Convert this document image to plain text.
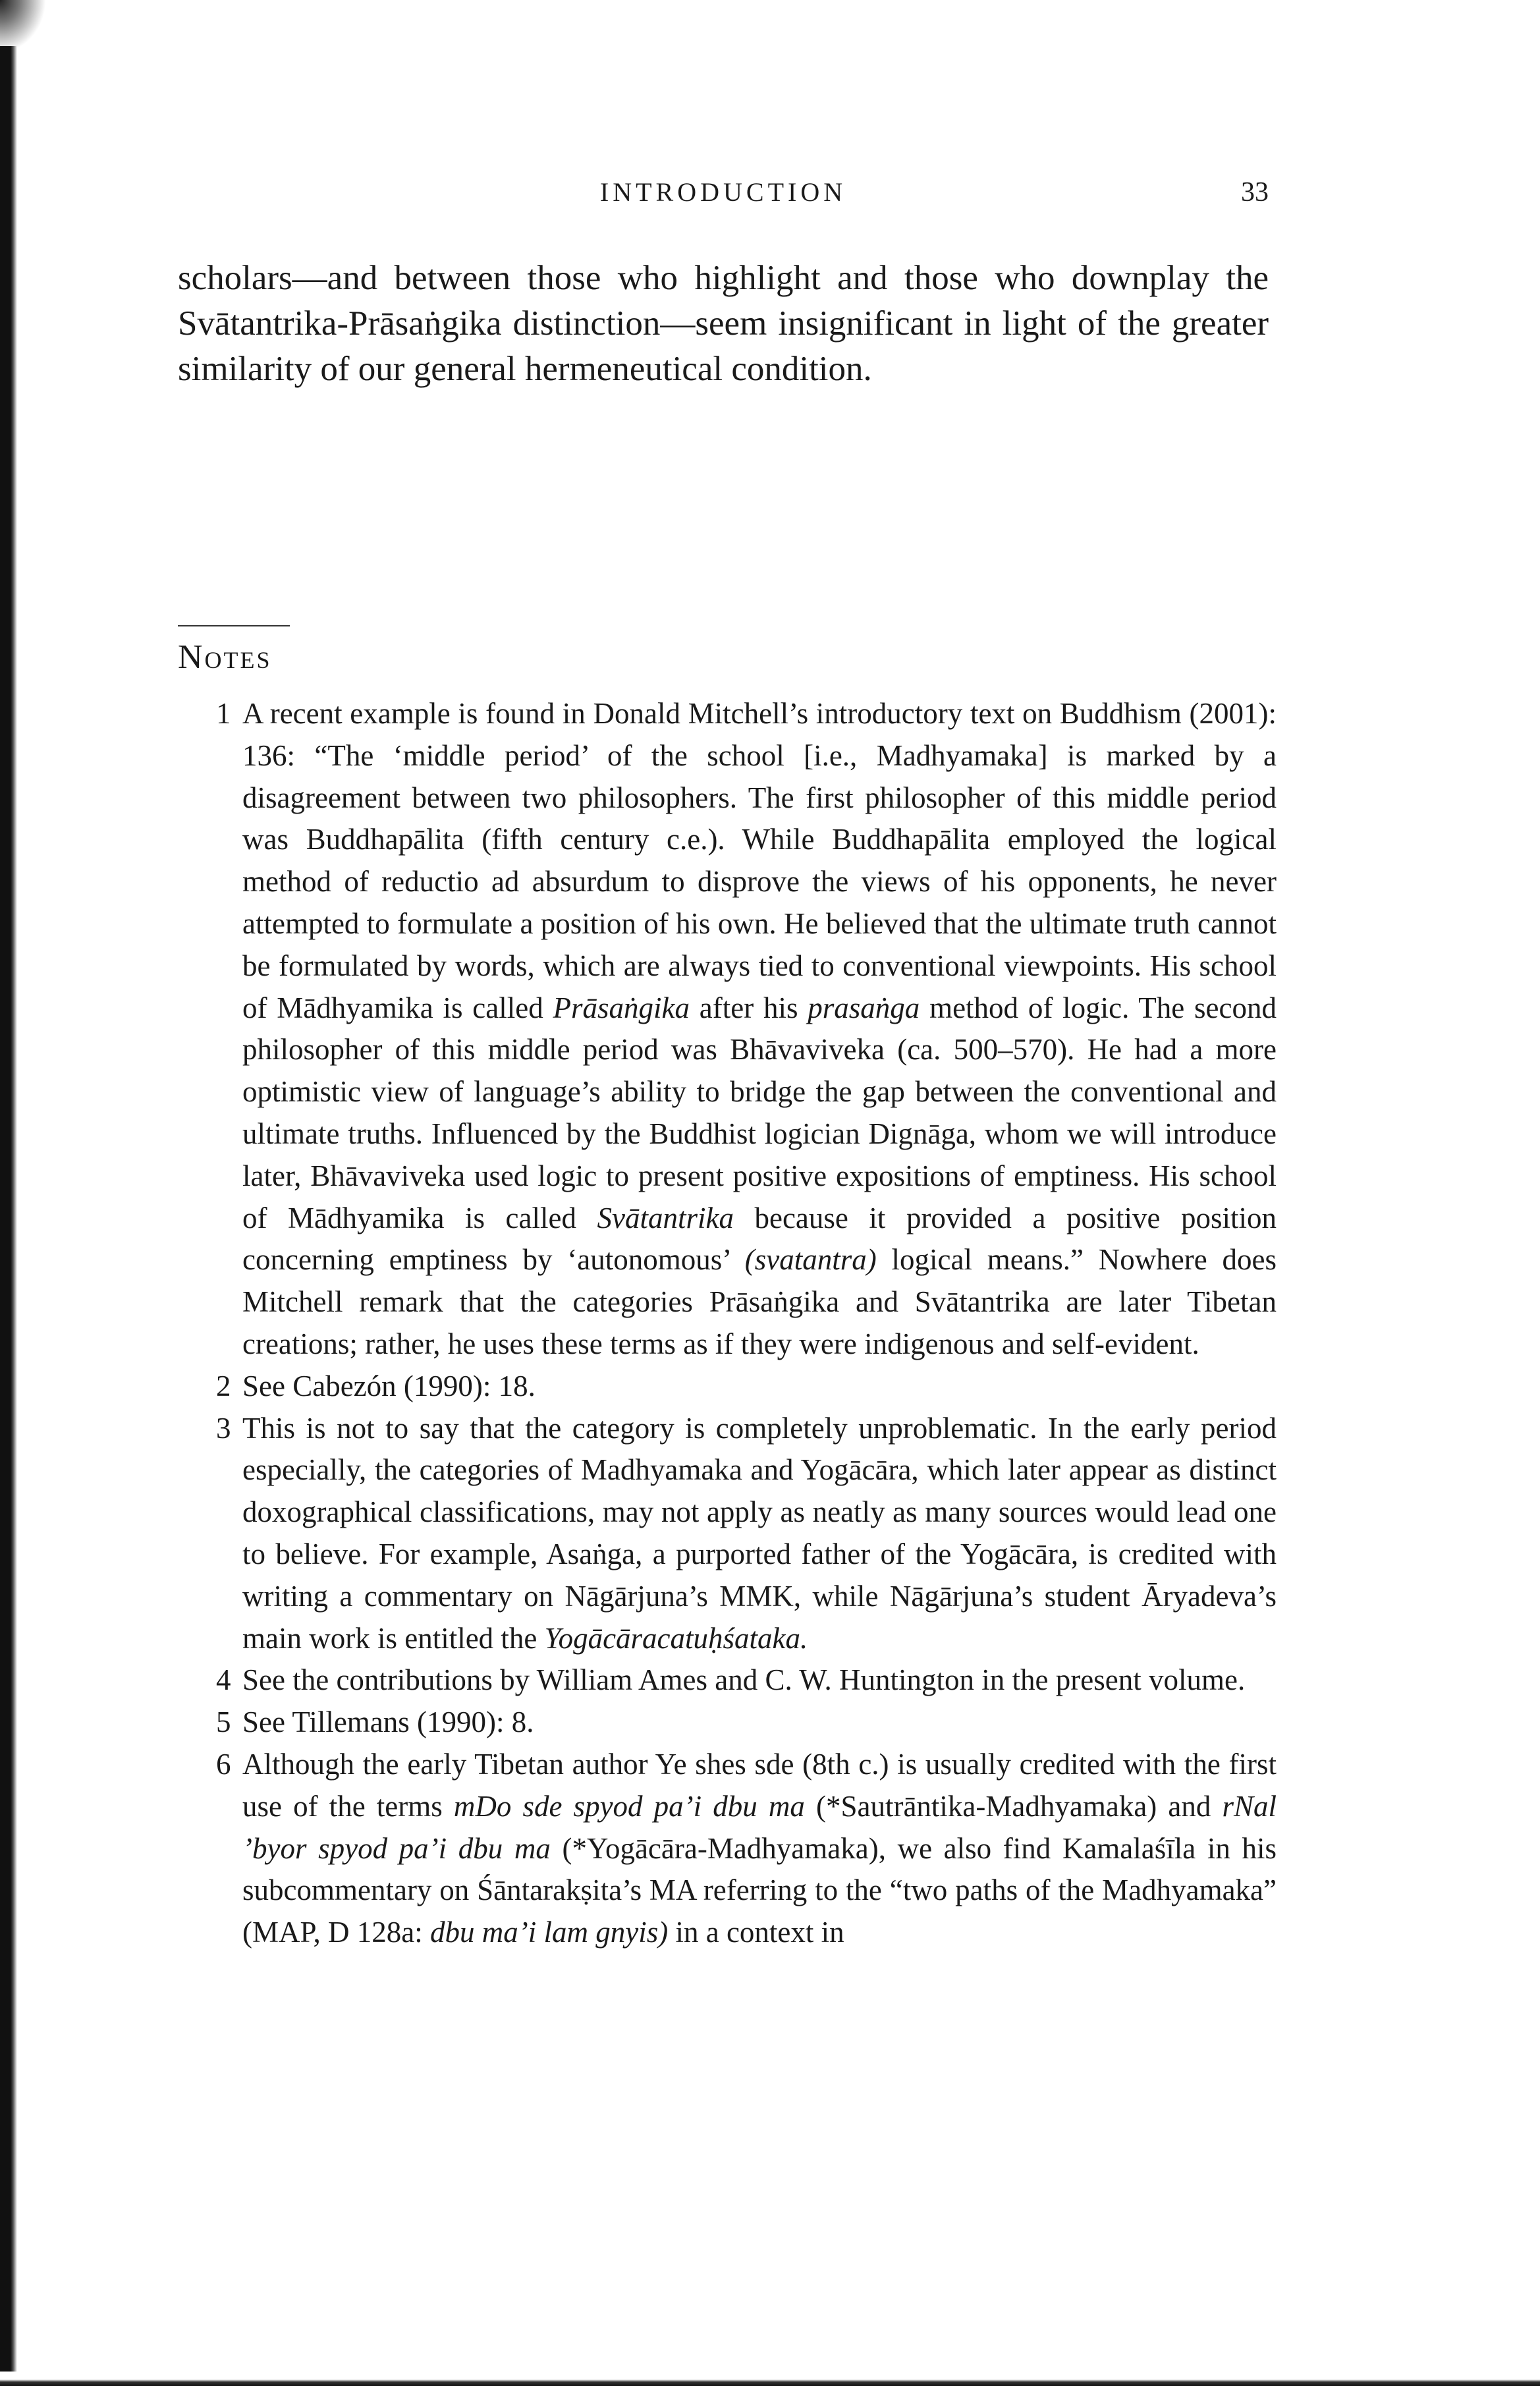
INTRODUCTION	33

scholars—and between those who highlight and those who downplay the Svātantrika-Prāsaṅgika distinction—seem insignificant in light of the greater similarity of our general hermeneutical condition.

Notes
1 A recent example is found in Donald Mitchell’s introductory text on Buddhism (2001): 136: “The ‘middle period’ of the school [i.e., Madhyamaka] is marked by a disagreement between two philosophers. The first philosopher of this middle period was Buddhapālita (fifth century c.e.). While Buddhapālita employed the logical method of reductio ad absurdum to disprove the views of his opponents, he never attempted to formulate a position of his own. He believed that the ultimate truth cannot be formulated by words, which are always tied to conventional viewpoints. His school of Mādhyamika is called Prāsaṅgika after his prasaṅga method of logic. The second philosopher of this middle period was Bhāvaviveka (ca. 500–570). He had a more optimistic view of language’s ability to bridge the gap between the conventional and ultimate truths. Influenced by the Buddhist logician Dignāga, whom we will introduce later, Bhāvaviveka used logic to present positive expositions of emptiness. His school of Mādhyamika is called Svātantrika because it provided a positive position concerning emptiness by ‘autonomous’ (svatantra) logical means.” Nowhere does Mitchell remark that the categories Prāsaṅgika and Svātantrika are later Tibetan creations; rather, he uses these terms as if they were indigenous and self-evident.
2 See Cabezón (1990): 18.
3 This is not to say that the category is completely unproblematic. In the early period especially, the categories of Madhyamaka and Yogācāra, which later appear as distinct doxographical classifications, may not apply as neatly as many sources would lead one to believe. For example, Asaṅga, a purported father of the Yogācāra, is credited with writing a commentary on Nāgārjuna’s MMK, while Nāgārjuna’s student Āryadeva’s main work is entitled the Yogācāracatuḥśataka.
4 See the contributions by William Ames and C. W. Huntington in the present volume.
5 See Tillemans (1990): 8.
6 Although the early Tibetan author Ye shes sde (8th c.) is usually credited with the first use of the terms mDo sde spyod pa’i dbu ma (*Sautrāntika-Madhyamaka) and rNal ’byor spyod pa’i dbu ma (*Yogācāra-Madhyamaka), we also find Kamalaśīla in his subcommentary on Śāntarakṣita’s MA referring to the “two paths of the Madhyamaka” (MAP, D 128a: dbu ma’i lam gnyis) in a context in
